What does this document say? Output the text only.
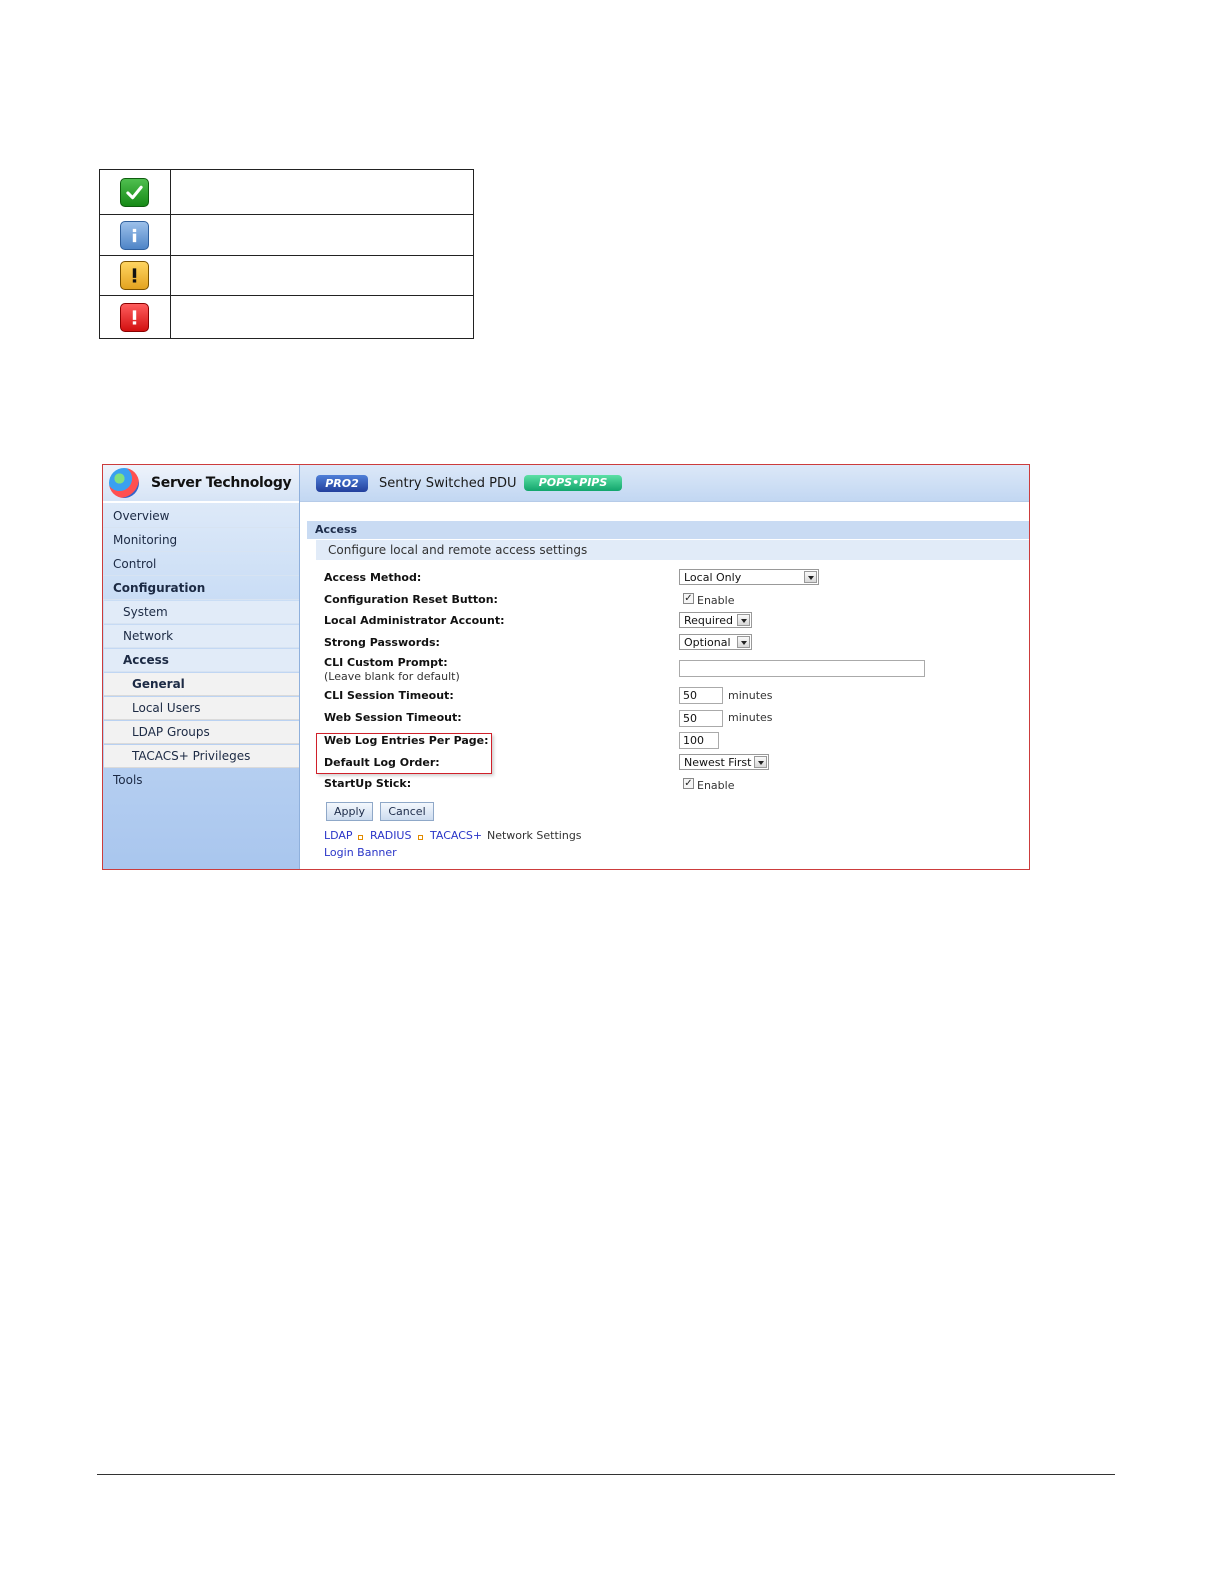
Server Technology
Overview
Monitoring
Control
Configuration
System
Network
Access
General
Local Users
LDAP Groups
TACACS+ Privileges
Tools
PRO2	Sentry Switched PDU	POPS•PIPS
Access
Configure local and remote access settings
Access Method:	Local Only
Configuration Reset Button:	✓ Enable
Local Administrator Account:	Required
Strong Passwords:	Optional
CLI Custom Prompt:
(Leave blank for default)
CLI Session Timeout:	50	minutes
Web Session Timeout:	50	minutes
Web Log Entries Per Page:	100
Default Log Order:	Newest First
StartUp Stick:	✓ Enable
Apply	Cancel
LDAP RADIUS TACACS+ Network Settings
Login Banner
